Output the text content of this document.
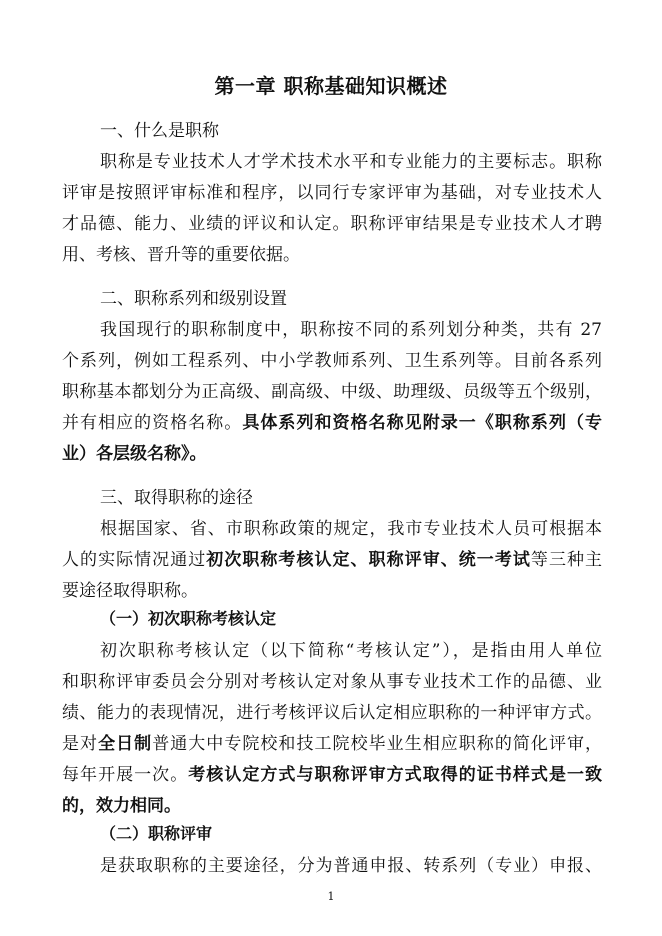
第一章 职称基础知识概述
一、什么是职称
职称是专业技术人才学术技术水平和专业能力的主要标志。职称
评审是按照评审标准和程序，以同行专家评审为基础，对专业技术人
才品德、能力、业绩的评议和认定。职称评审结果是专业技术人才聘
用、考核、晋升等的重要依据。
二、职称系列和级别设置
我国现行的职称制度中，职称按不同的系列划分种类，共有 27
个系列，例如工程系列、中小学教师系列、卫生系列等。目前各系列
职称基本都划分为正高级、副高级、中级、助理级、员级等五个级别，
并有相应的资格名称。具体系列和资格名称见附录一《职称系列（专
业）各层级名称》。
三、取得职称的途径
根据国家、省、市职称政策的规定，我市专业技术人员可根据本
人的实际情况通过初次职称考核认定、职称评审、统一考试等三种主
要途径取得职称。
（一）初次职称考核认定
初次职称考核认定（以下简称“考核认定”），是指由用人单位
和职称评审委员会分别对考核认定对象从事专业技术工作的品德、业
绩、能力的表现情况，进行考核评议后认定相应职称的一种评审方式。
是对全日制普通大中专院校和技工院校毕业生相应职称的简化评审，
每年开展一次。考核认定方式与职称评审方式取得的证书样式是一致
的，效力相同。
（二）职称评审
是获取职称的主要途径，分为普通申报、转系列（专业）申报、
1
